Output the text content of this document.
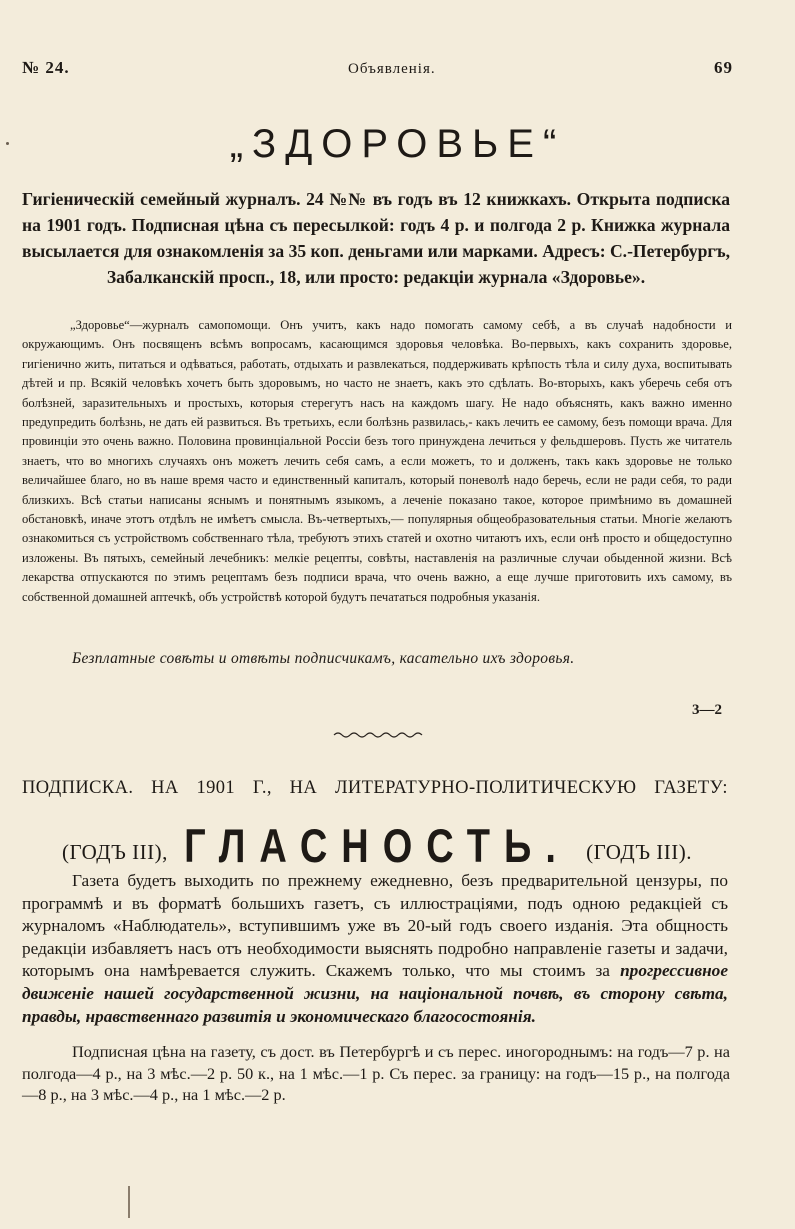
№ 24.	Объявленія.	69
„ЗДОРОВЬЕ“
Гигіеническій семейный журналъ. 24 №№ въ годъ въ 12 книжкахъ. Открыта подписка на 1901 годъ. Подписная цѣна съ пересылкой: годъ 4 р. и полгода 2 р. Книжка журнала высылается для ознакомленія за 35 коп. деньгами или марками. Адресъ: С.-Петербургъ, Забалканскій просп., 18, или просто: редакціи журнала «Здоровье».
„Здоровье“—журналъ самопомощи. Онъ учитъ, какъ надо помогать самому себѣ, а въ случаѣ надобности и окружающимъ. Онъ посвященъ всѣмъ вопросамъ, касающимся здоровья человѣка. Во-первыхъ, какъ сохранить здоровье, гигіенично жить, питаться и одѣваться, работать, отдыхать и развлекаться, поддерживать крѣпость тѣла и силу духа, воспитывать дѣтей и пр. Всякій человѣкъ хочетъ быть здоровымъ, но часто не знаетъ, какъ это сдѣлать. Во-вторыхъ, какъ уберечь себя отъ болѣзней, заразительныхъ и простыхъ, которыя стерегутъ насъ на каждомъ шагу. Не надо объяснять, какъ важно именно предупредить болѣзнь, не дать ей развиться. Въ третьихъ, если болѣзнь развилась,- какъ лечить ее самому, безъ помощи врача. Для провинціи это очень важно. Половина провинціальной Россіи безъ того принуждена лечиться у фельдшеровъ. Пусть же читатель знаетъ, что во многихъ случаяхъ онъ можетъ лечить себя самъ, а если можетъ, то и долженъ, такъ какъ здоровье не только величайшее благо, но въ наше время часто и единственный капиталъ, который поневолѣ надо беречь, если не ради себя, то ради близкихъ. Всѣ статьи написаны яснымъ и понятнымъ языкомъ, а леченіе показано такое, которое примѣнимо въ домашней обстановкѣ, иначе этотъ отдѣлъ не имѣетъ смысла. Въ-четвертыхъ,— популярныя общеобразовательныя статьи. Многіе желаютъ ознакомиться съ устройствомъ собственнаго тѣла, требуютъ этихъ статей и охотно читаютъ ихъ, если онѣ просто и общедоступно изложены. Въ пятыхъ, семейный лечебникъ: мелкіе рецепты, совѣты, наставленія на различные случаи обыденной жизни. Всѣ лекарства отпускаются по этимъ рецептамъ безъ подписи врача, что очень важно, а еще лучше приготовить ихъ самому, въ собственной домашней аптечкѣ, объ устройствѣ которой будутъ печататься подробныя указанія.
Безплатные совѣты и отвѣты подписчикамъ, касательно ихъ здоровья.
3—2
ПОДПИСКА. НА 1901 Г., НА ЛИТЕРАТУРНО-ПОЛИТИЧЕСКУЮ ГАЗЕТУ:
(ГОДЪ III), ГЛАСНОСТЬ. (ГОДЪ III).
Газета будетъ выходить по прежнему ежедневно, безъ предварительной цензуры, по программѣ и въ форматѣ большихъ газетъ, съ иллюстраціями, подъ одною редакціей съ журналомъ «Наблюдатель», вступившимъ уже въ 20-ый годъ своего изданія. Эта общность редакціи избавляетъ насъ отъ необходимости выяснять подробно направленіе газеты и задачи, которымъ она намѣревается служить. Скажемъ только, что мы стоимъ за прогрессивное движеніе нашей государственной жизни, на національной почвѣ, въ сторону свѣта, правды, нравственнаго развитія и экономическаго благосостоянія.
Подписная цѣна на газету, съ дост. въ Петербургѣ и съ перес. иногороднымъ: на годъ—7 р. на полгода—4 р., на 3 мѣс.—2 р. 50 к., на 1 мѣс.—1 р. Съ перес. за границу: на годъ—15 р., на полгода—8 р., на 3 мѣс.—4 р., на 1 мѣс.—2 р.
